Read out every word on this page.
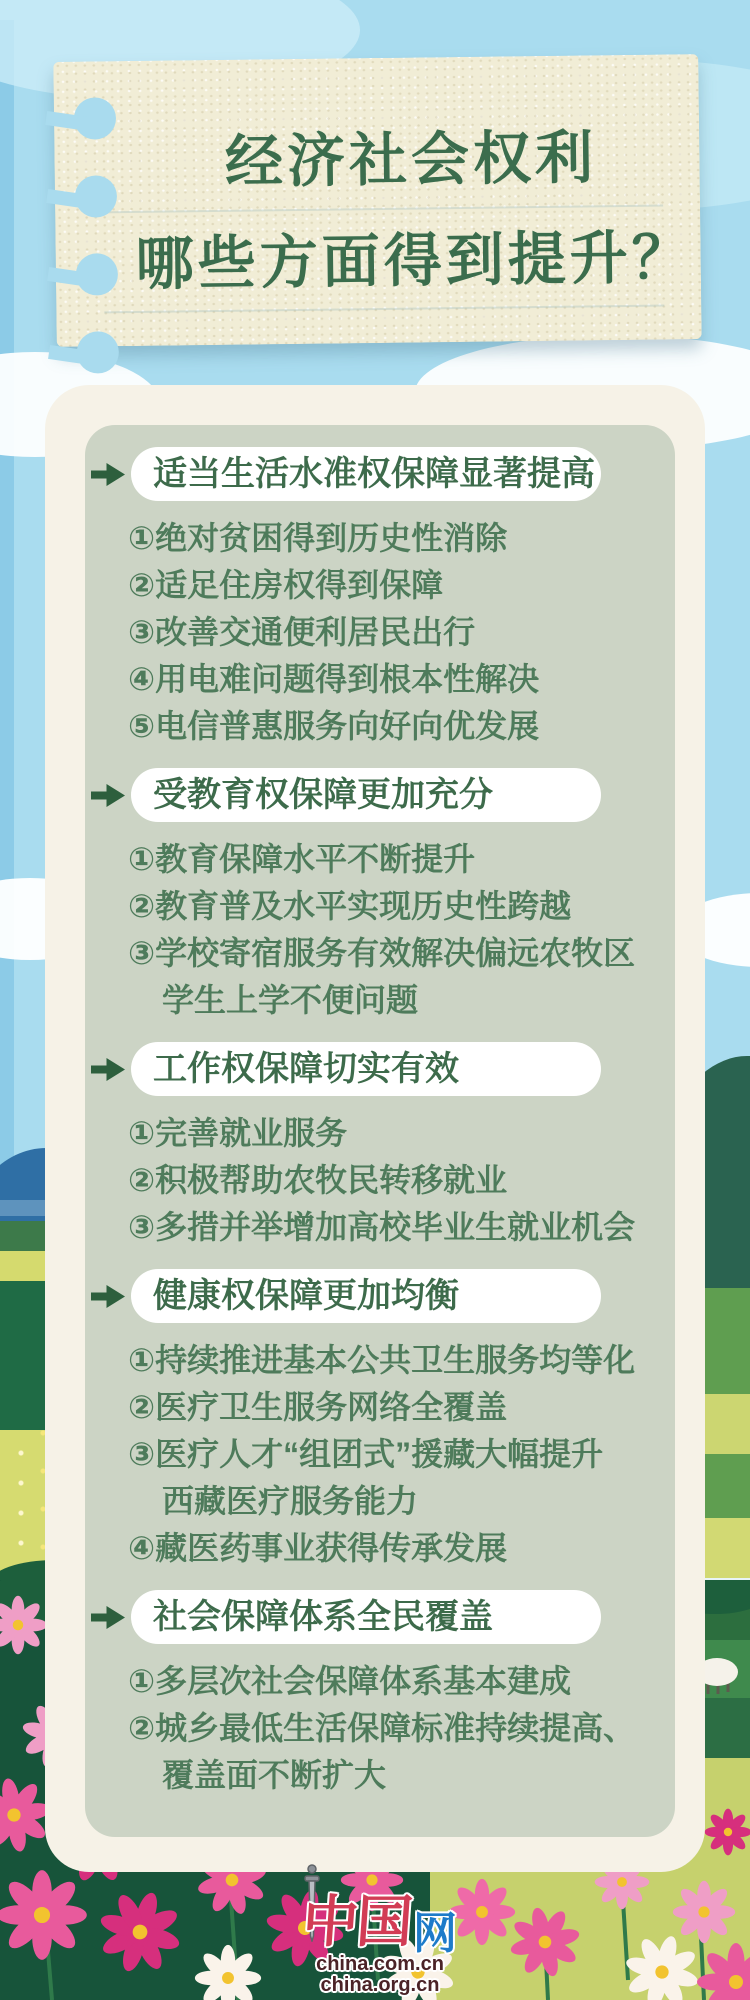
经济社会权利
哪些方面得到提升？
适当生活水准权保障显著提高
①绝对贫困得到历史性消除
②适足住房权得到保障
③改善交通便利居民出行
④用电难问题得到根本性解决
⑤电信普惠服务向好向优发展
受教育权保障更加充分
①教育保障水平不断提升
②教育普及水平实现历史性跨越
③学校寄宿服务有效解决偏远农牧区
学生上学不便问题
工作权保障切实有效
①完善就业服务
②积极帮助农牧民转移就业
③多措并举增加高校毕业生就业机会
健康权保障更加均衡
①持续推进基本公共卫生服务均等化
②医疗卫生服务网络全覆盖
③医疗人才“组团式”援藏大幅提升
西藏医疗服务能力
④藏医药事业获得传承发展
社会保障体系全民覆盖
①多层次社会保障体系基本建成
②城乡最低生活保障标准持续提高、
覆盖面不断扩大
中国网
china.com.cn
china.org.cn
